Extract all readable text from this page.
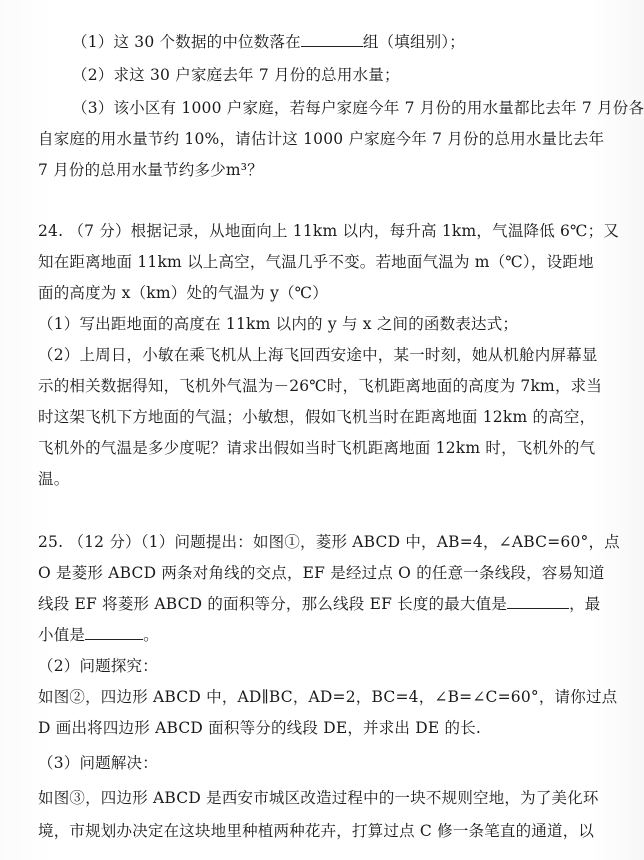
（1）这 30 个数据的中位数落在	组（填组别）；
（2）求这 30 户家庭去年 7 月份的总用水量；
（3）该小区有 1000 户家庭，若每户家庭今年 7 月份的用水量都比去年 7 月份各
自家庭的用水量节约 10%，请估计这 1000 户家庭今年 7 月份的总用水量比去年
7 月份的总用水量节约多少m³？
24. （7 分）根据记录，从地面向上 11km 以内，每升高 1km，气温降低 6℃；又
知在距离地面 11km 以上高空，气温几乎不变。若地面气温为 m（℃），设距地
面的高度为 x（km）处的气温为 y（℃）
（1）写出距地面的高度在 11km 以内的 y 与 x 之间的函数表达式；
（2）上周日，小敏在乘飞机从上海飞回西安途中，某一时刻，她从机舱内屏幕显
示的相关数据得知，飞机外气温为－26℃时，飞机距离地面的高度为 7km，求当
时这架飞机下方地面的气温；小敏想，假如飞机当时在距离地面 12km 的高空，
飞机外的气温是多少度呢？请求出假如当时飞机距离地面 12km 时，飞机外的气
温。
25. （12 分）（1）问题提出：如图①，菱形 ABCD 中，AB=4，∠ABC=60°，点
O 是菱形 ABCD 两条对角线的交点，EF 是经过点 O 的任意一条线段，容易知道
线段 EF 将菱形 ABCD 的面积等分，那么线段 EF 长度的最大值是	，最
小值是	。
（2）问题探究：
如图②，四边形 ABCD 中，AD∥BC，AD=2，BC=4，∠B=∠C=60°，请你过点
D 画出将四边形 ABCD 面积等分的线段 DE，并求出 DE 的长.
（3）问题解决：
如图③，四边形 ABCD 是西安市城区改造过程中的一块不规则空地，为了美化环
境，市规划办决定在这块地里种植两种花卉，打算过点 C 修一条笔直的通道，以
